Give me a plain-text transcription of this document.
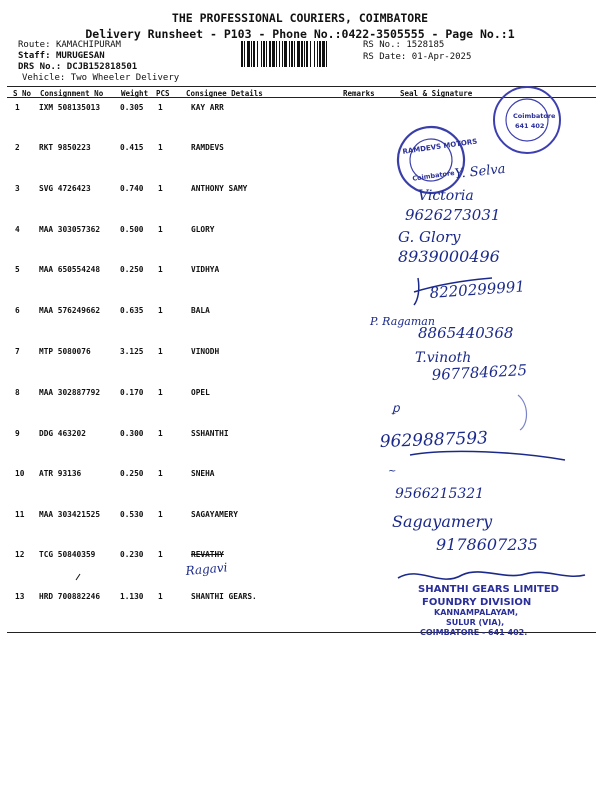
THE PROFESSIONAL COURIERS, COIMBATORE
Delivery Runsheet - P103 - Phone No.:0422-3505555 - Page No.:1
Route: KAMACHIPURAM
Staff: MURUGESAN
DRS No.: DCJB152818501
Vehicle: Two Wheeler Delivery
RS No.: 1528185
RS Date: 01-Apr-2025
S No Consignment No Weight PCS Consignee Details	Remarks	Seal & Signature
1 IXM 508135013	0.305 1	KAY ARR
2 RKT 9850223	0.415 1	RAMDEVS
3 SVG 4726423	0.740 1	ANTHONY SAMY
4 MAA 303057362	0.500 1	GLORY
5 MAA 650554248	0.250 1	VIDHYA
6 MAA 576249662	0.635 1	BALA
7 MTP 5080076	3.125 1	VINODH
8 MAA 302887792	0.170 1	OPEL
9 DDG 463202	0.300 1	SSHANTHI
10 ATR 93136	0.250 1	SNEHA
11 MAA 303421525	0.530 1	SAGAYAMERY
12 TCG 50840359	0.230 1	REVATHY
13 HRD 700882246	1.130 1	SHANTHI GEARS.
Coimbatore
641 402
RAMDEVS MOTORS
Coimbatore
Y. Selva
Victoria
9626273031
G. Glory
8939000496
8220299991
P. Ragaman
8865440368
T.vinoth
9677846225
ꝑ
9629887593
~
9566215321
Sagayamery
9178607235
Ragavi
SHANTHI GEARS LIMITED
FOUNDRY DIVISION
KANNAMPALAYAM,
SULUR (VIA),
COIMBATORE - 641 402.
